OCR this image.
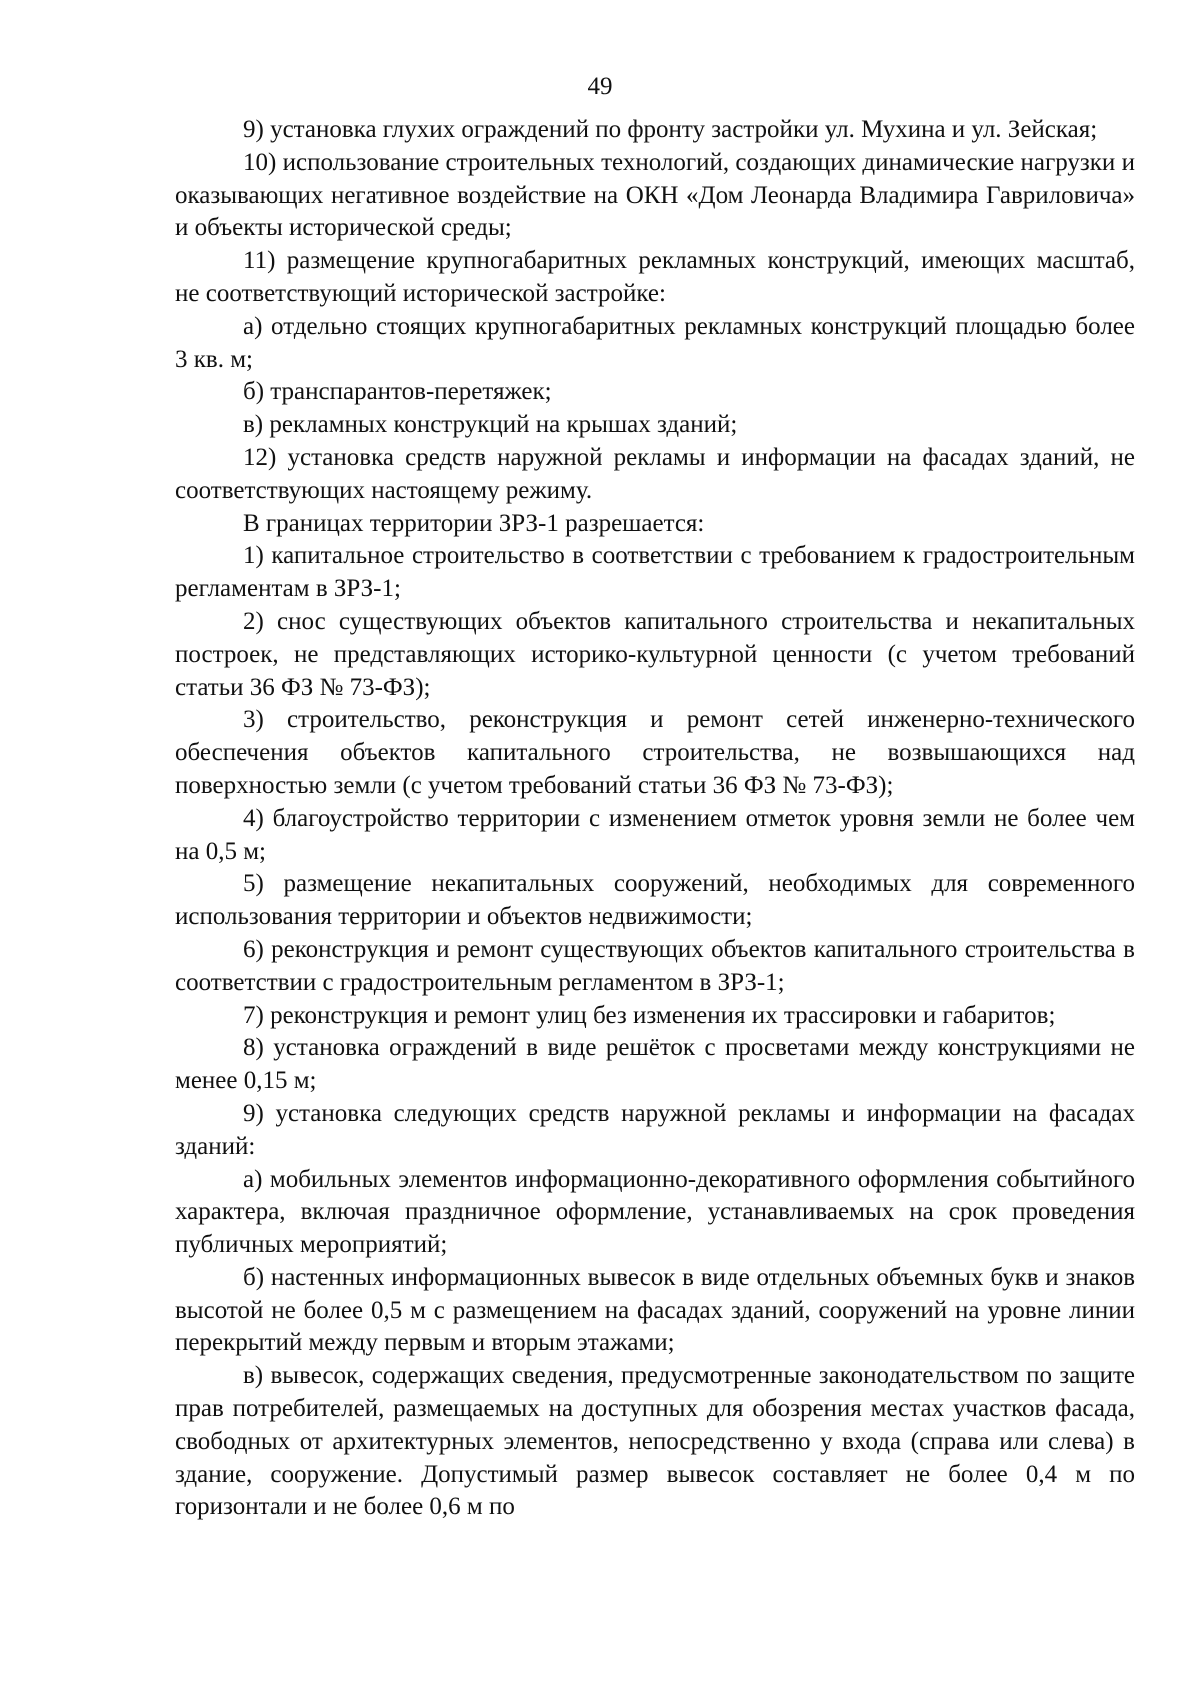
49

9) установка глухих ограждений по фронту застройки ул. Мухина и ул. Зейская;

10) использование строительных технологий, создающих динамические нагрузки и оказывающих негативное воздействие на ОКН «Дом Леонарда Владимира Гавриловича» и объекты исторической среды;

11) размещение крупногабаритных рекламных конструкций, имеющих масштаб, не соответствующий исторической застройке:

а) отдельно стоящих крупногабаритных рекламных конструкций площадью более 3 кв. м;

б) транспарантов-перетяжек;

в) рекламных конструкций на крышах зданий;

12) установка средств наружной рекламы и информации на фасадах зданий, не соответствующих настоящему режиму.

В границах территории ЗРЗ-1 разрешается:

1) капитальное строительство в соответствии с требованием к градостроительным регламентам в ЗРЗ-1;

2) снос существующих объектов капитального строительства и некапитальных построек, не представляющих историко-культурной ценности (с учетом требований статьи 36 ФЗ № 73-ФЗ);

3) строительство, реконструкция и ремонт сетей инженерно-технического обеспечения объектов капитального строительства, не возвышающихся над поверхностью земли (с учетом требований статьи 36 ФЗ № 73-ФЗ);

4) благоустройство территории с изменением отметок уровня земли не более чем на 0,5 м;

5) размещение некапитальных сооружений, необходимых для современного использования территории и объектов недвижимости;

6) реконструкция и ремонт существующих объектов капитального строительства в соответствии с градостроительным регламентом в ЗРЗ-1;

7) реконструкция и ремонт улиц без изменения их трассировки и габаритов;

8) установка ограждений в виде решёток с просветами между конструкциями не менее 0,15 м;

9) установка следующих средств наружной рекламы и информации на фасадах зданий:

а) мобильных элементов информационно-декоративного оформления событийного характера, включая праздничное оформление, устанавливаемых на срок проведения публичных мероприятий;

б) настенных информационных вывесок в виде отдельных объемных букв и знаков высотой не более 0,5 м с размещением на фасадах зданий, сооружений на уровне линии перекрытий между первым и вторым этажами;

в) вывесок, содержащих сведения, предусмотренные законодательством по защите прав потребителей, размещаемых на доступных для обозрения местах участков фасада, свободных от архитектурных элементов, непосредственно у входа (справа или слева) в здание, сооружение. Допустимый размер вывесок составляет не более 0,4 м по горизонтали и не более 0,6 м по
